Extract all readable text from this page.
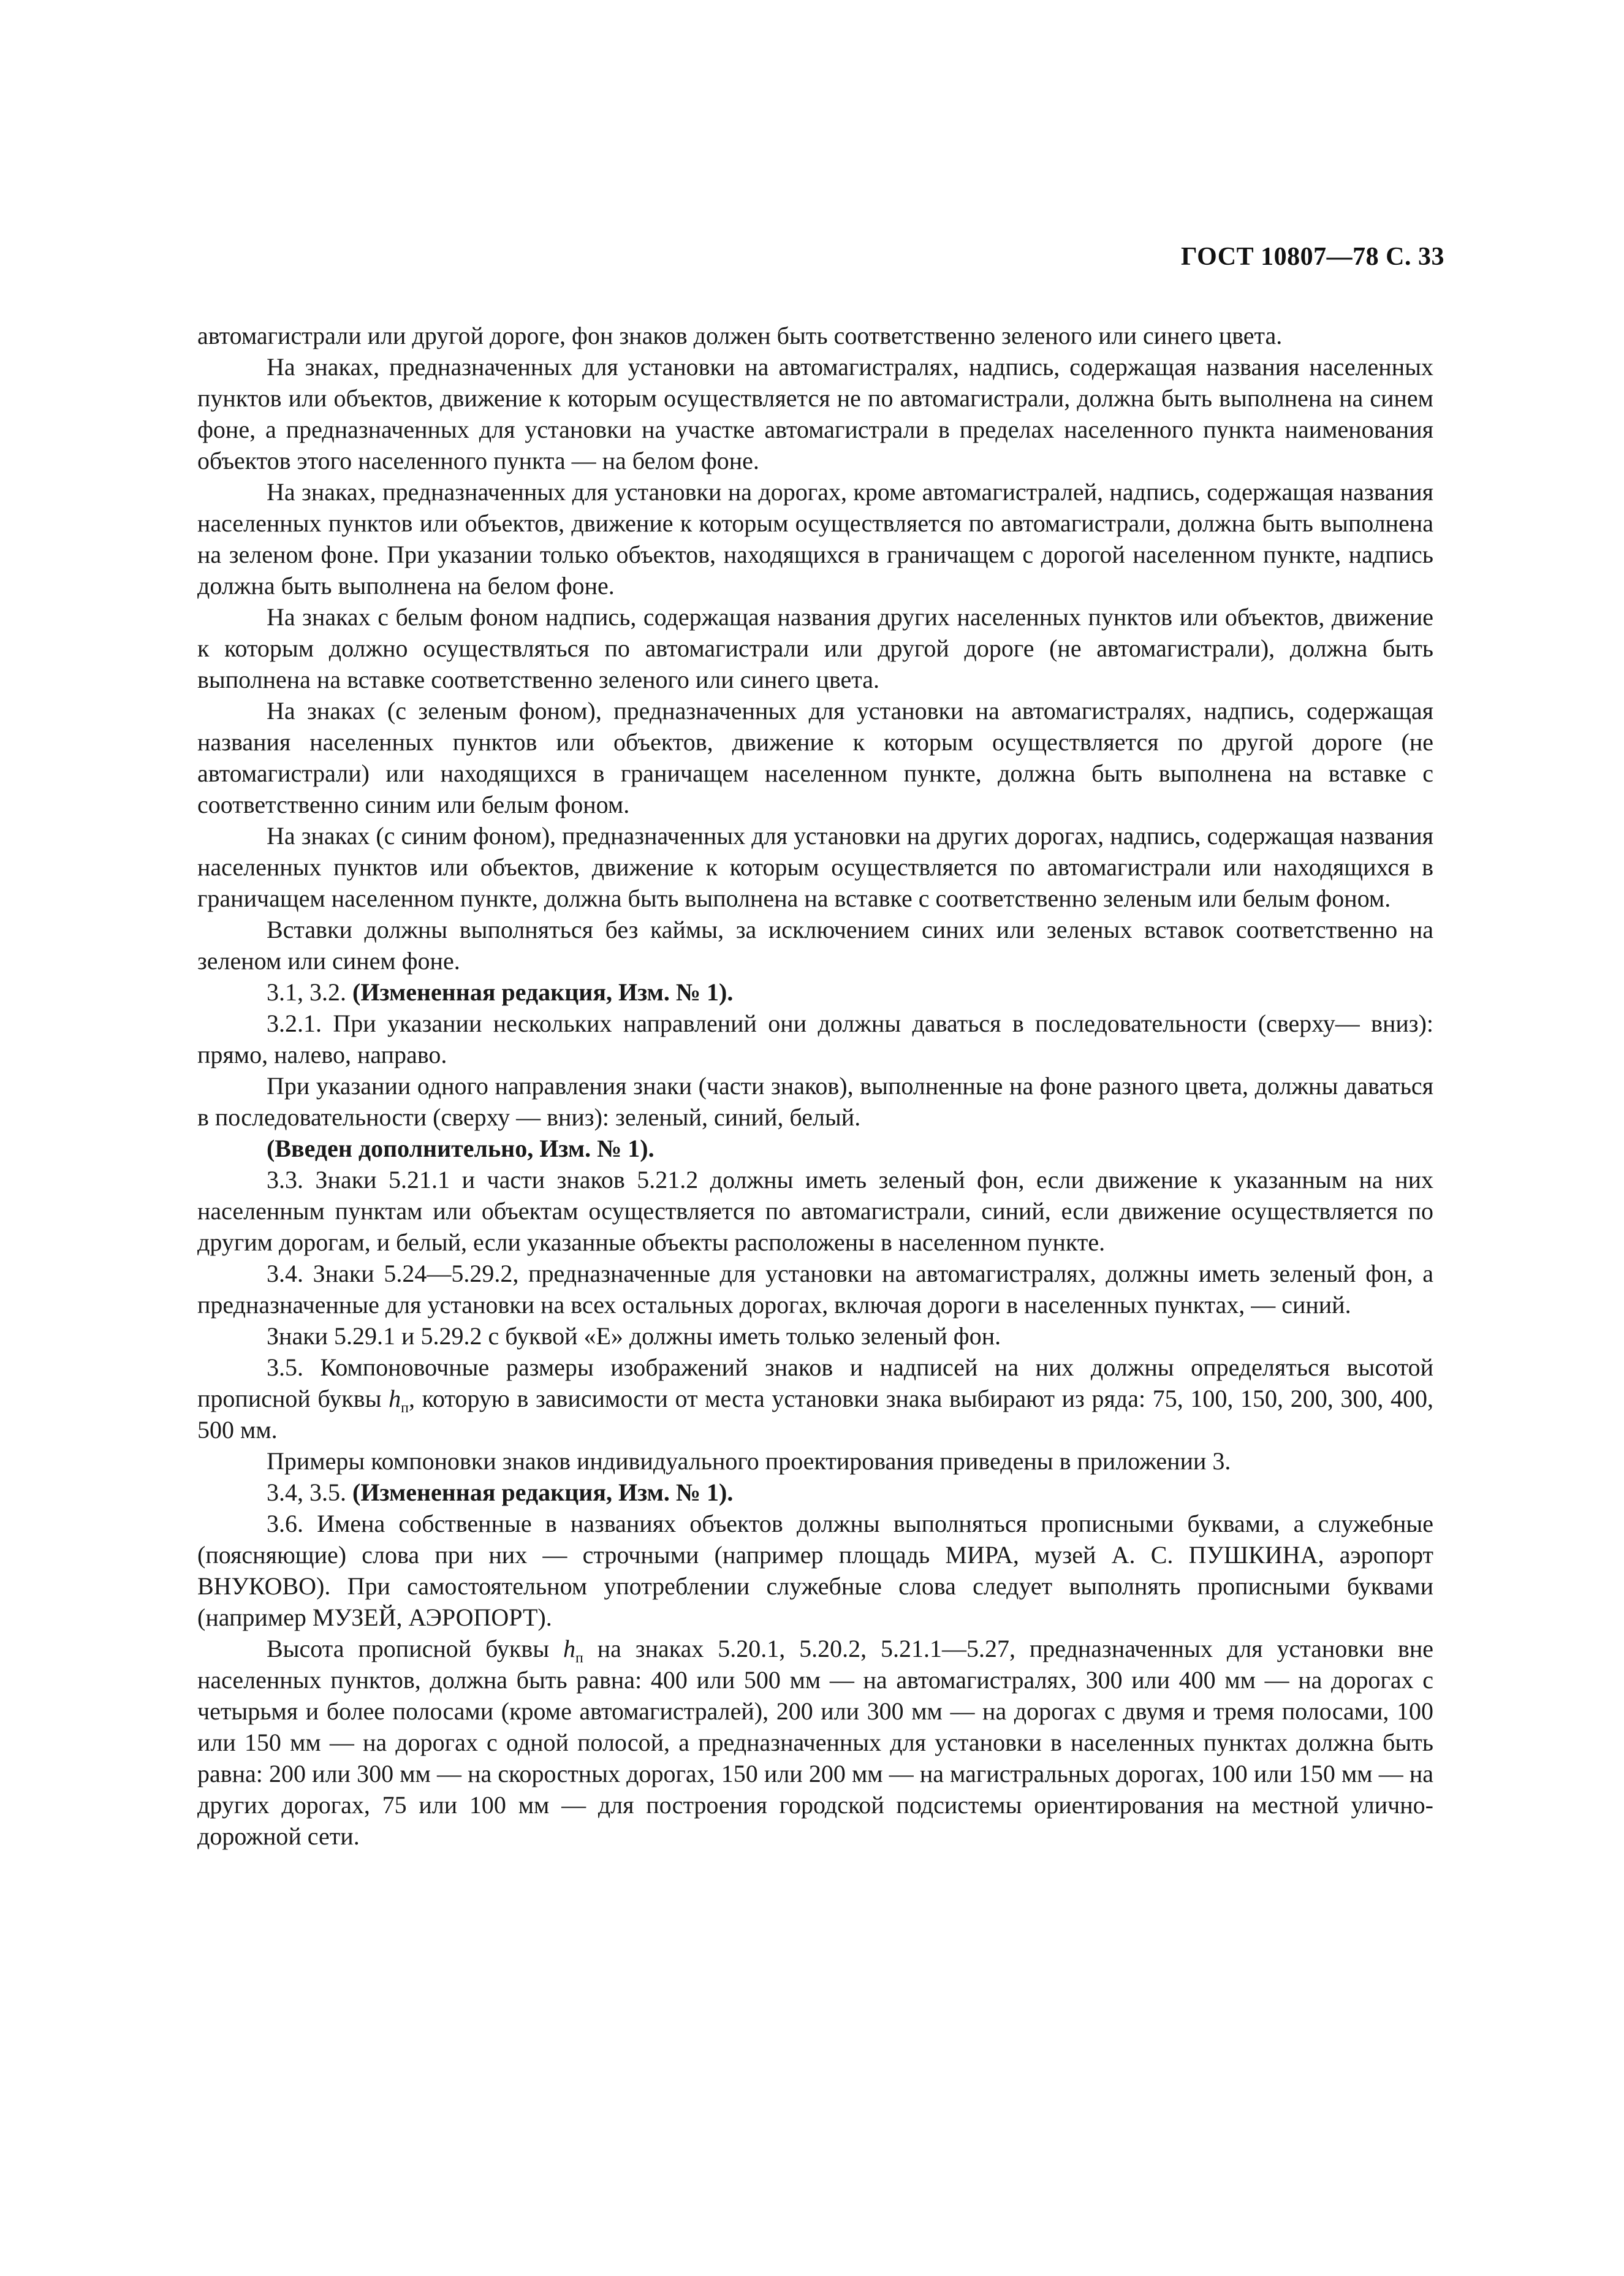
ГОСТ 10807—78 С. 33

автомагистрали или другой дороге, фон знаков должен быть соответственно зеленого или синего цвета.

На знаках, предназначенных для установки на автомагистралях, надпись, содержащая названия населенных пунктов или объектов, движение к которым осуществляется не по автомагистрали, должна быть выполнена на синем фоне, а предназначенных для установки на участке автомагистрали в пределах населенного пункта наименования объектов этого населенного пункта — на белом фоне.

На знаках, предназначенных для установки на дорогах, кроме автомагистралей, надпись, содержащая названия населенных пунктов или объектов, движение к которым осуществляется по автомагистрали, должна быть выполнена на зеленом фоне. При указании только объектов, находящихся в граничащем с дорогой населенном пункте, надпись должна быть выполнена на белом фоне.

На знаках с белым фоном надпись, содержащая названия других населенных пунктов или объектов, движение к которым должно осуществляться по автомагистрали или другой дороге (не автомагистрали), должна быть выполнена на вставке соответственно зеленого или синего цвета.

На знаках (с зеленым фоном), предназначенных для установки на автомагистралях, надпись, содержащая названия населенных пунктов или объектов, движение к которым осуществляется по другой дороге (не автомагистрали) или находящихся в граничащем населенном пункте, должна быть выполнена на вставке с соответственно синим или белым фоном.

На знаках (с синим фоном), предназначенных для установки на других дорогах, надпись, содержащая названия населенных пунктов или объектов, движение к которым осуществляется по автомагистрали или находящихся в граничащем населенном пункте, должна быть выполнена на вставке с соответственно зеленым или белым фоном.

Вставки должны выполняться без каймы, за исключением синих или зеленых вставок соответственно на зеленом или синем фоне.

3.1, 3.2. (Измененная редакция, Изм. № 1).

3.2.1. При указании нескольких направлений они должны даваться в последовательности (сверху— вниз): прямо, налево, направо.

При указании одного направления знаки (части знаков), выполненные на фоне разного цвета, должны даваться в последовательности (сверху — вниз): зеленый, синий, белый.

(Введен дополнительно, Изм. № 1).

3.3. Знаки 5.21.1 и части знаков 5.21.2 должны иметь зеленый фон, если движение к указанным на них населенным пунктам или объектам осуществляется по автомагистрали, синий, если движение осуществляется по другим дорогам, и белый, если указанные объекты расположены в населенном пункте.

3.4. Знаки 5.24—5.29.2, предназначенные для установки на автомагистралях, должны иметь зеленый фон, а предназначенные для установки на всех остальных дорогах, включая дороги в населенных пунктах, — синий.

Знаки 5.29.1 и 5.29.2 с буквой «Е» должны иметь только зеленый фон.

3.5. Компоновочные размеры изображений знаков и надписей на них должны определяться высотой прописной буквы $h_п$, которую в зависимости от места установки знака выбирают из ряда: 75, 100, 150, 200, 300, 400, 500 мм.

Примеры компоновки знаков индивидуального проектирования приведены в приложении 3.

3.4, 3.5. (Измененная редакция, Изм. № 1).

3.6. Имена собственные в названиях объектов должны выполняться прописными буквами, а служебные (поясняющие) слова при них — строчными (например площадь МИРА, музей А. С. ПУШКИНА, аэропорт ВНУКОВО). При самостоятельном употреблении служебные слова следует выполнять прописными буквами (например МУЗЕЙ, АЭРОПОРТ).

Высота прописной буквы $h_п$ на знаках 5.20.1, 5.20.2, 5.21.1—5.27, предназначенных для установки вне населенных пунктов, должна быть равна: 400 или 500 мм — на автомагистралях, 300 или 400 мм — на дорогах с четырьмя и более полосами (кроме автомагистралей), 200 или 300 мм — на дорогах с двумя и тремя полосами, 100 или 150 мм — на дорогах с одной полосой, а предназначенных для установки в населенных пунктах должна быть равна: 200 или 300 мм — на скоростных дорогах, 150 или 200 мм — на магистральных дорогах, 100 или 150 мм — на других дорогах, 75 или 100 мм — для построения городской подсистемы ориентирования на местной улично-дорожной сети.
